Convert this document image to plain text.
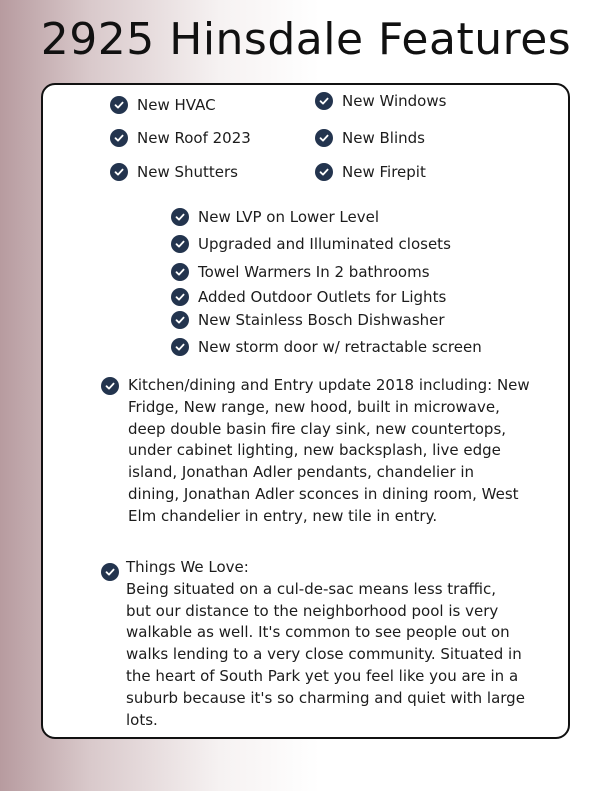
2925 Hinsdale Features
New HVAC
New Roof 2023
New Shutters
New Windows
New Blinds
New Firepit
New LVP on Lower Level
Upgraded and Illuminated closets
Towel Warmers In 2 bathrooms
Added Outdoor Outlets for Lights
New Stainless Bosch Dishwasher
New storm door w/ retractable screen
Kitchen/dining and Entry update 2018 including: New
Fridge, New range, new hood, built in microwave,
deep double basin fire clay sink, new countertops,
under cabinet lighting, new backsplash, live edge
island, Jonathan Adler pendants, chandelier in
dining, Jonathan Adler sconces in dining room, West
Elm chandelier in entry, new tile in entry.
Things We Love:
Being situated on a cul-de-sac means less traffic,
but our distance to the neighborhood pool is very
walkable as well. It's common to see people out on
walks lending to a very close community. Situated in
the heart of South Park yet you feel like you are in a
suburb because it's so charming and quiet with large
lots.
